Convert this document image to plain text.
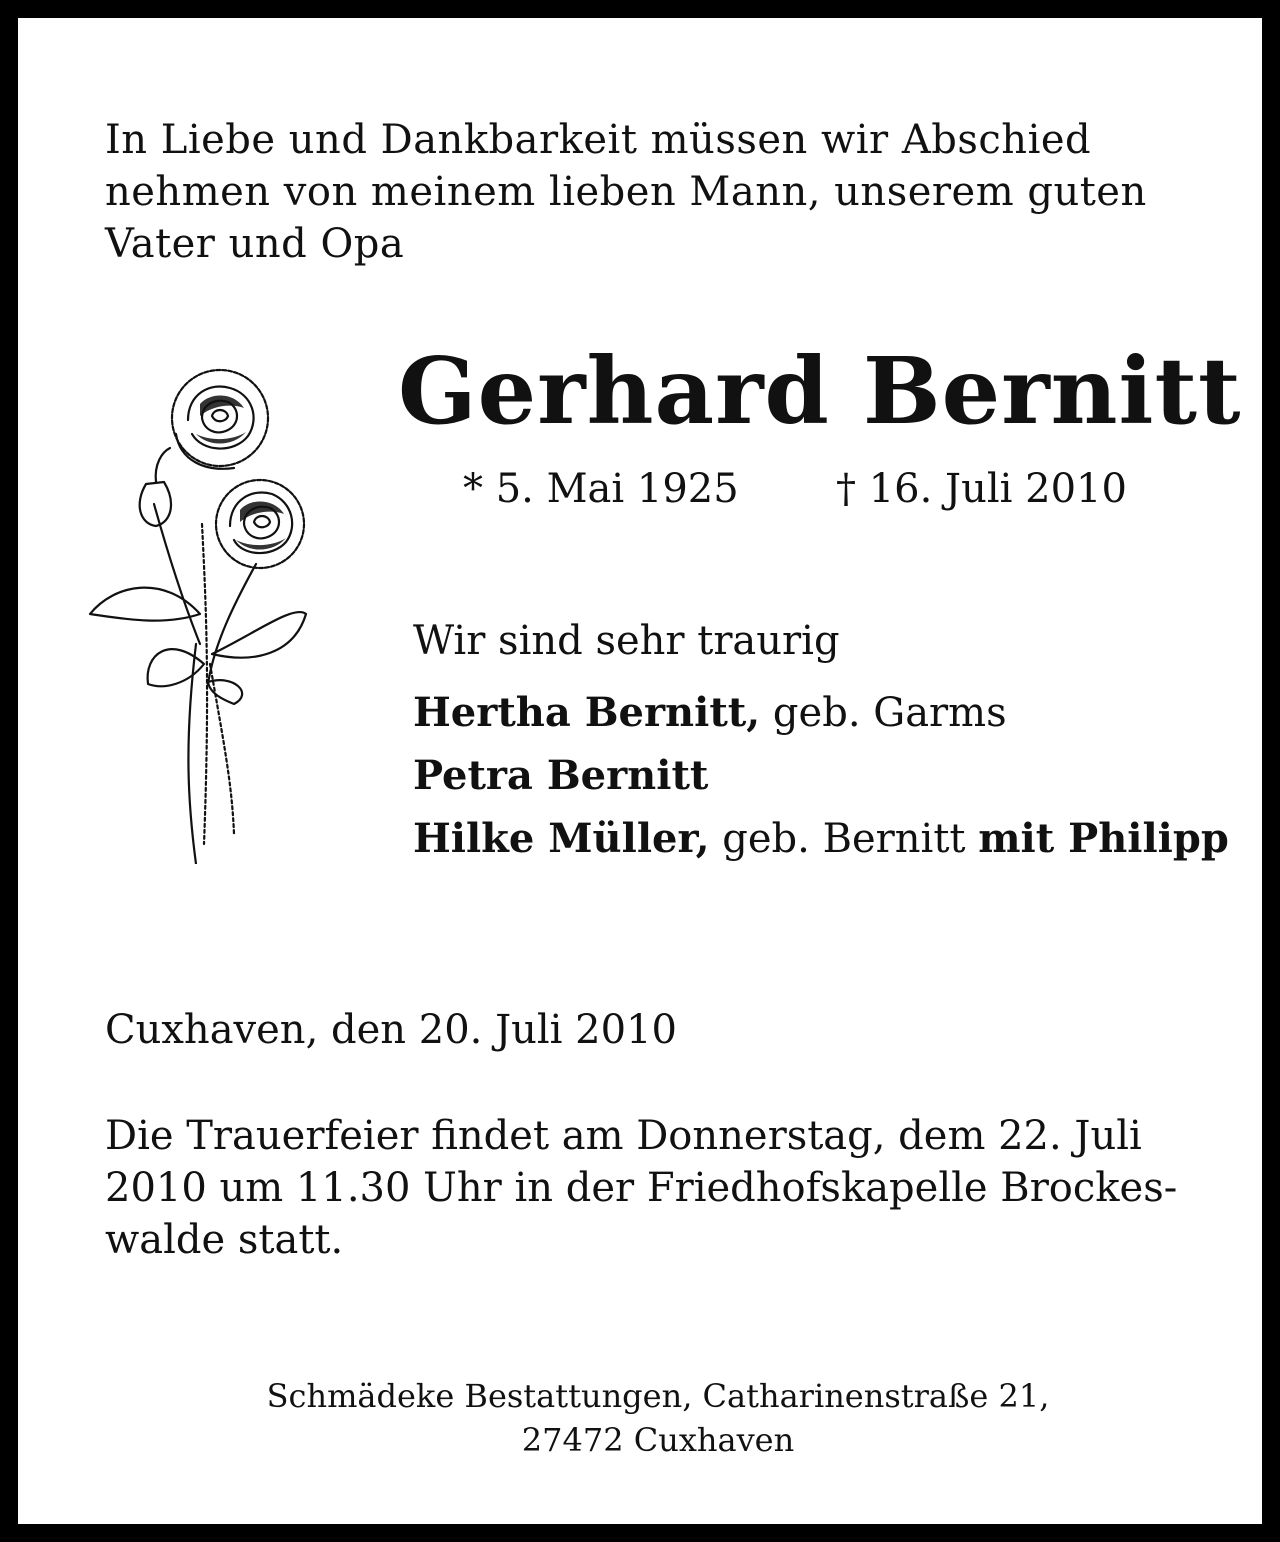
In Liebe und Dankbarkeit müssen wir Abschied
nehmen von meinem lieben Mann, unserem guten
Vater und Opa
Gerhard Bernitt
* 5. Mai 1925 † 16. Juli 2010
Wir sind sehr traurig
Hertha Bernitt, geb. Garms
Petra Bernitt
Hilke Müller, geb. Bernitt mit Philipp
Cuxhaven, den 20. Juli 2010
Die Trauerfeier findet am Donnerstag, dem 22. Juli
2010 um 11.30 Uhr in der Friedhofskapelle Brockes-
walde statt.
Schmädeke Bestattungen, Catharinenstraße 21,
27472 Cuxhaven
